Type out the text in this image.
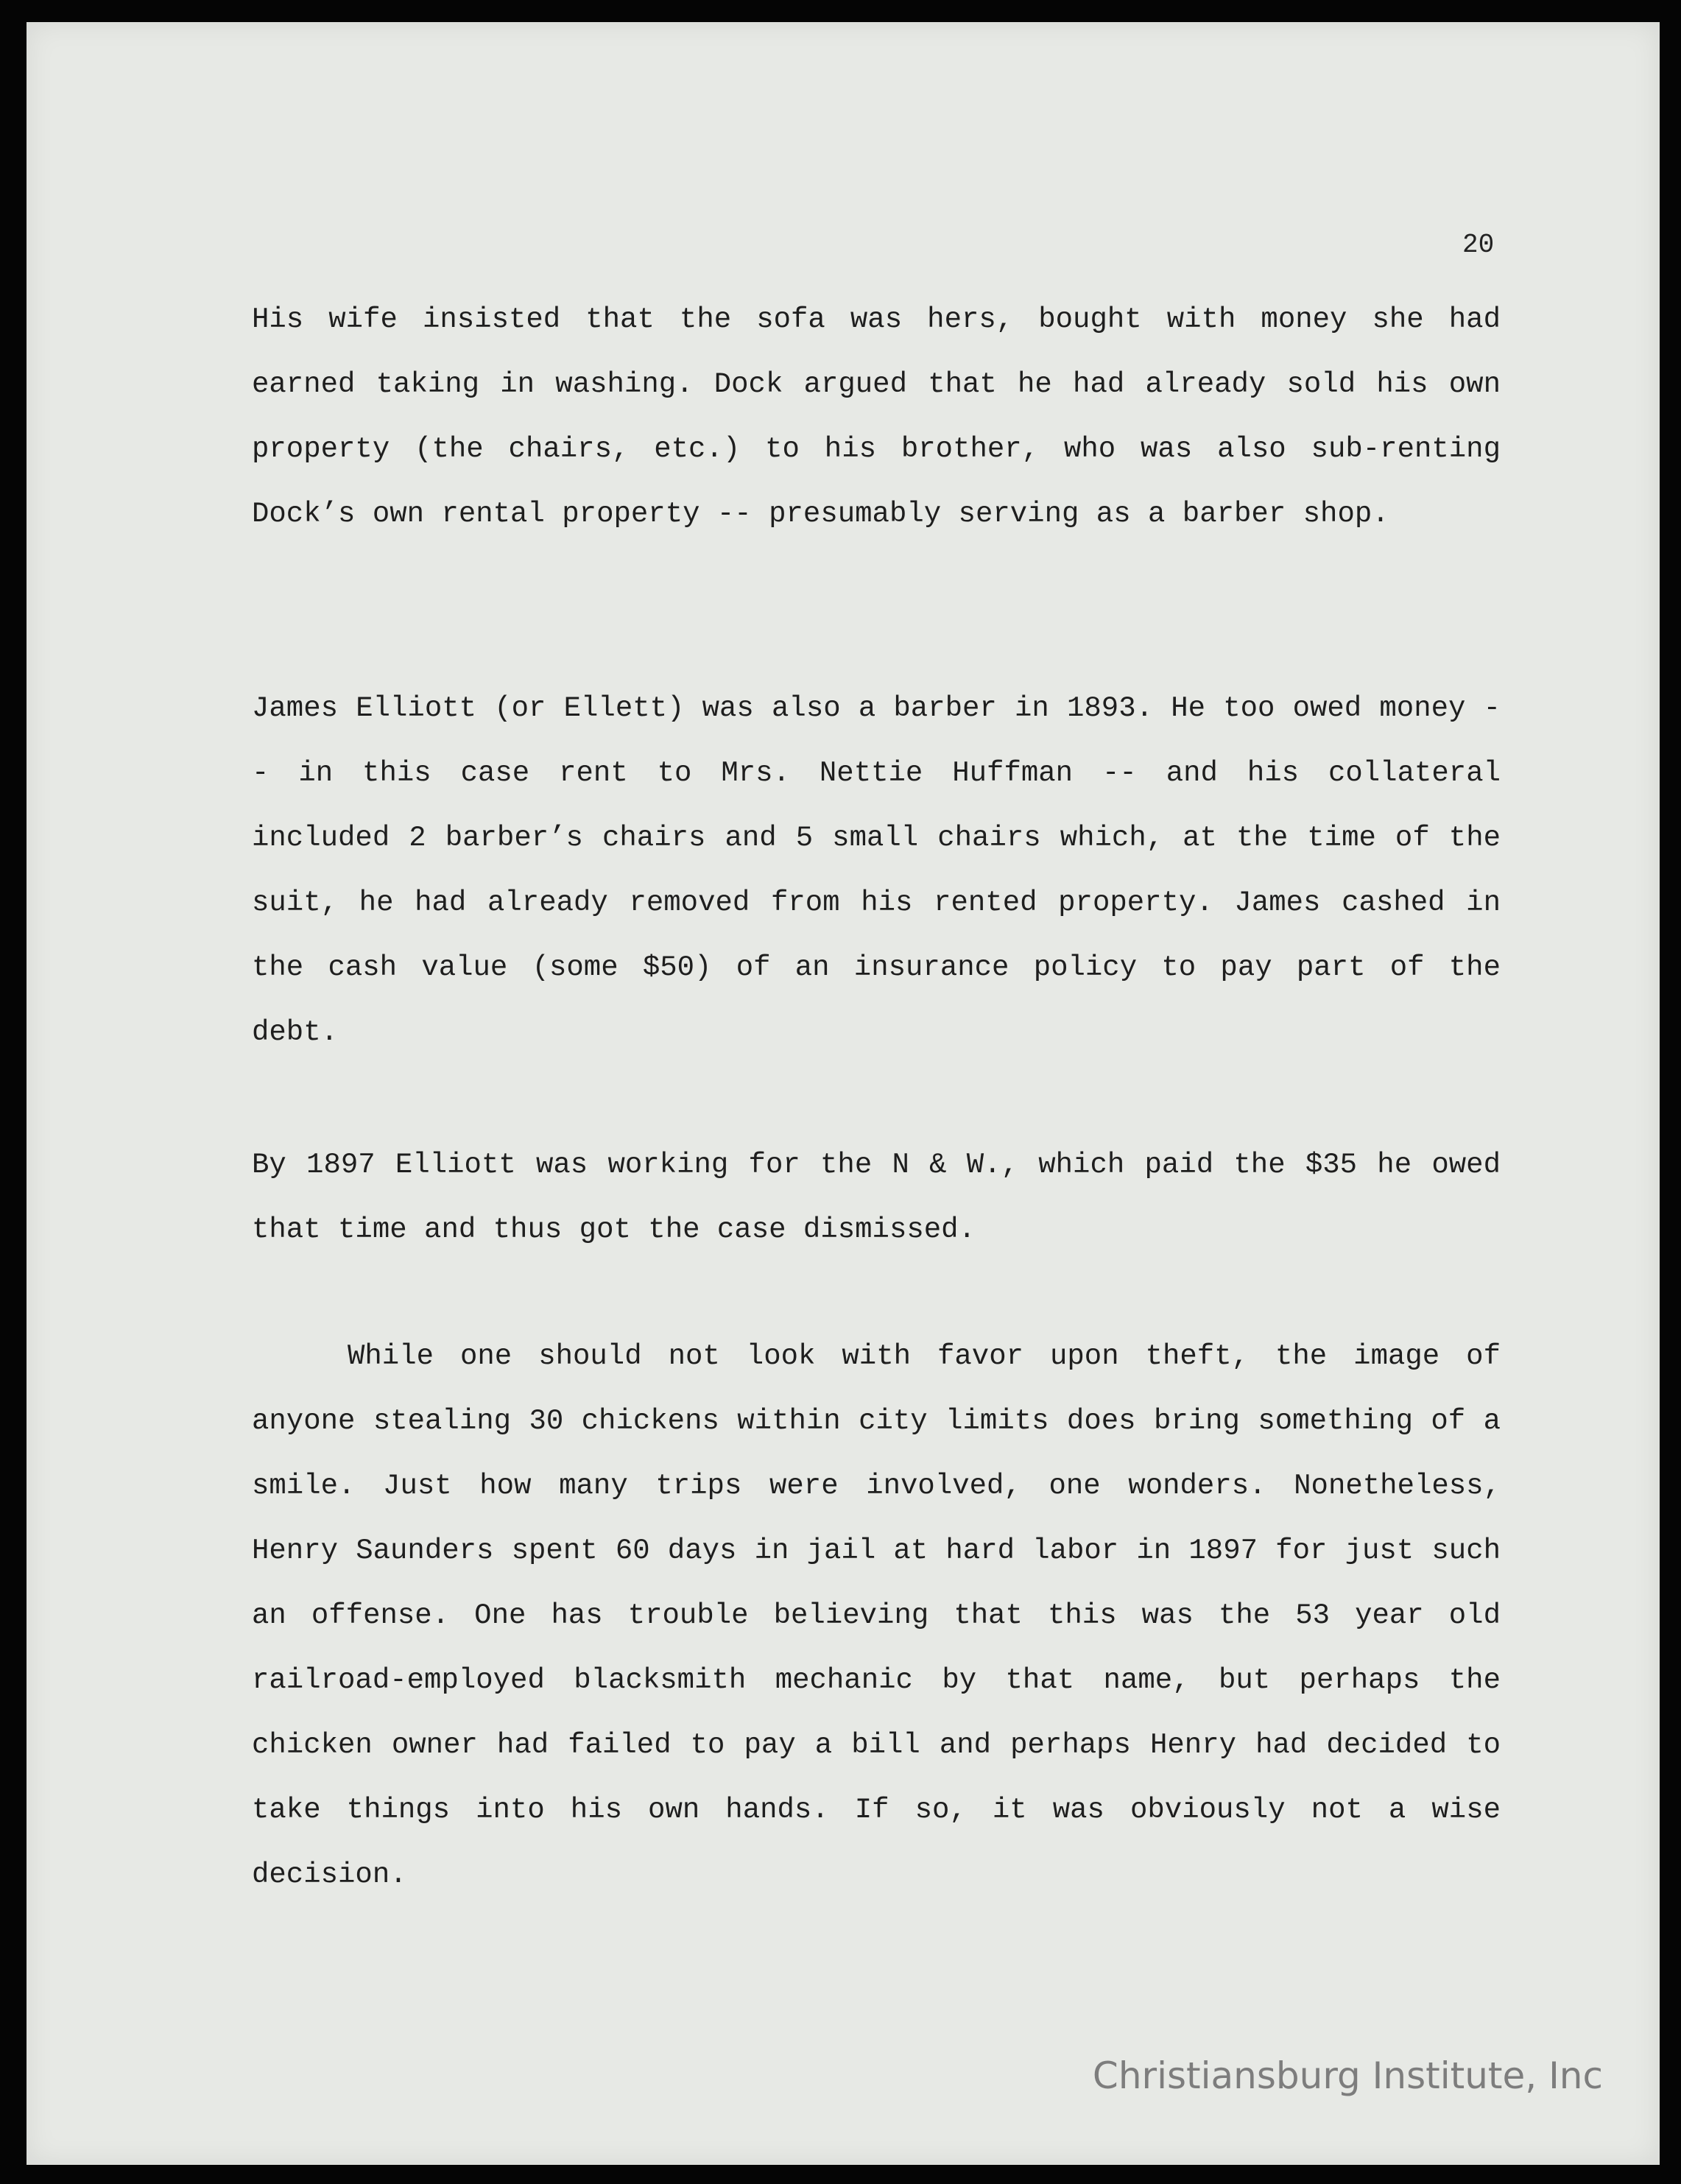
20

His wife insisted that the sofa was hers, bought with money she had earned taking in washing. Dock argued that he had already sold his own property (the chairs, etc.) to his brother, who was also sub-renting Dock’s own rental property -- presumably serving as a barber shop.

James Elliott (or Ellett) was also a barber in 1893. He too owed money -- in this case rent to Mrs. Nettie Huffman -- and his collateral included 2 barber’s chairs and 5 small chairs which, at the time of the suit, he had already removed from his rented property. James cashed in the cash value (some $50) of an insurance policy to pay part of the debt.

By 1897 Elliott was working for the N & W., which paid the $35 he owed that time and thus got the case dismissed.

While one should not look with favor upon theft, the image of anyone stealing 30 chickens within city limits does bring something of a smile. Just how many trips were involved, one wonders. Nonetheless, Henry Saunders spent 60 days in jail at hard labor in 1897 for just such an offense. One has trouble believing that this was the 53 year old railroad-employed blacksmith mechanic by that name, but perhaps the chicken owner had failed to pay a bill and perhaps Henry had decided to take things into his own hands. If so, it was obviously not a wise decision.

Christiansburg Institute, Inc
